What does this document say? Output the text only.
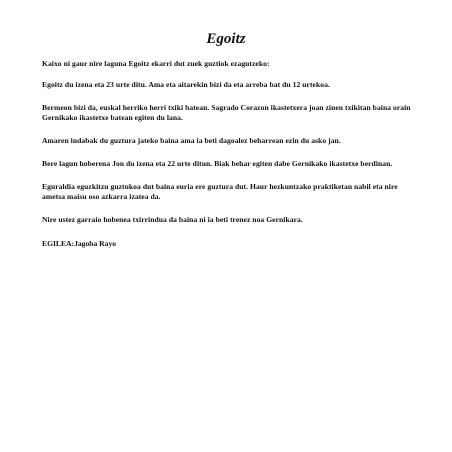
Egoitz

Kaixo ni gaur nire laguna Egoitz ekarri dut zuek guztiok ezagutzeko:

Egoitz du izena eta 23 urte ditu. Ama eta aitarekin bizi da eta arreba bat du 12 urtekoa.

Bermeon bizi da, euskal herriko herri txiki batean. Sagrado Corazon ikastetxera joan zinen txikitan baina orain Gernikako ikastetxe batean egiten du lana.

Amaren indabak du guztura jateko baina ama ia beti dagoalez beharrean ezin du asko jan.

Bere lagun hoberena Jon du izena eta 22 urte ditun. Biak behar egiten dabe Gernikako ikastetxe berdinan.

Eguraldia eguzkitzu guztukoa dut baina euria ere guztura dut. Haur hezkuntzako praktiketan nabil eta nire ametsa maisu oso azkarra izatea da.

Nire ustez garraio hobenea txirrindua da baina ni ia beti trenez noa Gernikara.

EGILEA:Jagoba Rayo
